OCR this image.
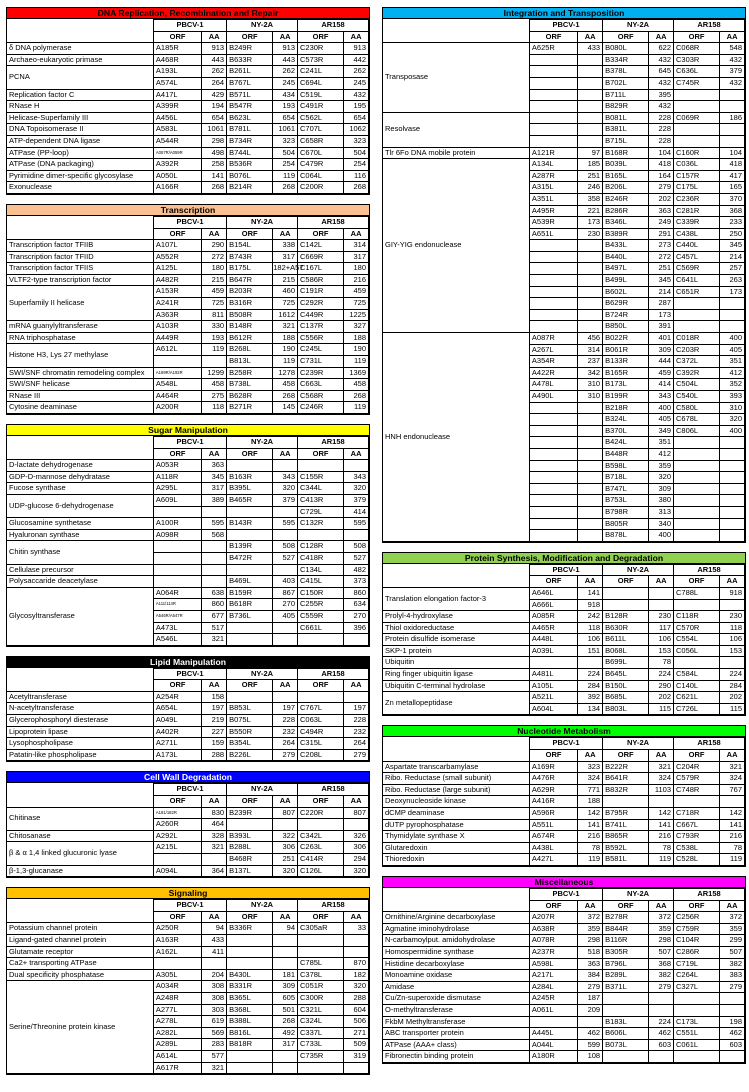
DNA Replication, Recombination and Repair
	PBCV-1		NY-2A		AR158	
	ORF	AA	ORF	AA	ORF	AA
δ DNA polymerase	A185R	913	B249R	913	C230R	913
Archaeo-eukaryotic primase	A468R	443	B633R	443	C573R	442
PCNA	A193L	262	B261L	262	C241L	262
	A574L	264	B767L	245	C694L	245
Replication factor C	A417L	429	B571L	434	C519L	432
RNase H	A399R	194	B547R	193	C491R	195
Helicase-Superfamily III	A456L	654	B623L	654	C562L	654
DNA Topoisomerase II	A583L	1061	B781L	1061	C707L	1062
ATP-dependent DNA ligase	A544R	298	B734R	323	C658R	323
ATPase (PP-loop)	A057R/A059R	498	B744L	504	C670L	504
ATPase (DNA packaging)	A392R	258	B536R	254	C479R	254
Pyrimidine dimer-specific glycosylase	A050L	141	B076L	119	C064L	116
Exonuclease	A166R	268	B214R	268	C200R	268
Transcription
	PBCV-1		NY-2A		AR158	
	ORF	AA	ORF	AA	ORF	AA
Transcription factor TFIIB	A107L	290	B154L	338	C142L	314
Transcription factor TFIID	A552R	272	B743R	317	C669R	317
Transcription factor TFIIS	A125L	180	B175L	182+A57	C167L	180
VLTF2-type transcription factor	A482R	215	B647R	215	C586R	216
Superfamily II helicase	A153R	459	B203R	460	C191R	459
	A241R	725	B316R	725	C292R	725
	A363R	811	B508R	1612	C449R	1225
mRNA guanylyltransferase	A103R	330	B148R	321	C137R	327
RNA triphosphatase	A449R	193	B612R	188	C556R	188
Histone H3, Lys 27 methylase	A612L	119	B268L	190	C245L	190
			B813L	119	C731L	119
SWI/SNF chromatin remodeling complex	A189R/A192R	1299	B258R	1278	C239R	1369
SWI/SNF helicase	A548L	458	B738L	458	C663L	458
RNase III	A464R	275	B628R	268	C568R	268
Cytosine deaminase	A200R	118	B271R	145	C246R	119
Sugar Manipulation
	PBCV-1		NY-2A		AR158	
	ORF	AA	ORF	AA	ORF	AA
D-lactate dehydrogenase	A053R	363				
GDP-D-mannose dehydratase	A118R	345	B163R	343	C155R	343
Fucose synthase	A295L	317	B395L	320	C344L	320
UDP-glucose 6-dehydrogenase	A609L	389	B465R	379	C413R	379
					C729L	414
Glucosamine synthetase	A100R	595	B143R	595	C132R	595
Hyaluronan synthase	A098R	568				
Chitin synthase			B139R	508	C128R	508
			B472R	527	C418R	527
Cellulase precursor					C134L	482
Polysaccaride deacetylase			B469L	403	C415L	373
Glycosyltransferase	A064R	638	B159R	867	C150R	860
	A111/114R	860	B618R	270	C255R	634
	A546R/A547R	677	B736L	405	C559R	270
	A473L	517			C661L	396
	A546L	321				
Lipid Manipulation
	PBCV-1		NY-2A		AR158	
	ORF	AA	ORF	AA	ORF	AA
Acetyltransferase	A254R	158				
N-acetyltransferase	A654L	197	B853L	197	C767L	197
Glycerophosphoryl diesterase	A049L	219	B075L	228	C063L	228
Lipoprotein lipase	A402R	227	B550R	232	C494R	232
Lysophospholipase	A271L	159	B354L	264	C315L	264
Patatin-like phospholipase	A173L	288	B226L	279	C208L	279
Cell Wall Degradation
	PBCV-1		NY-2A		AR158	
	ORF	AA	ORF	AA	ORF	AA
Chitinase	A181/182R	830	B239R	807	C220R	807
	A260R	464				
Chitosanase	A292L	328	B393L	322	C342L	326
β & α 1,4 linked glucuronic lyase	A215L	321	B288L	306	C263L	306
			B468R	251	C414R	294
β-1,3-glucanase	A094L	364	B137L	320	C126L	320
Signaling
	PBCV-1		NY-2A		AR158	
	ORF	AA	ORF	AA	ORF	AA
Potassium channel protein	A250R	94	B336R	94	C305aR	33
Ligand-gated channel protein	A163R	433				
Glutamate receptor	A162L	411				
Ca2+ transporting ATPase					C785L	870
Dual specificity phosphatase	A305L	204	B430L	181	C378L	182
Serine/Threonine protein kinase	A034R	308	B331R	309	C051R	320
	A248R	308	B365L	605	C300R	288
	A277L	303	B368L	501	C321L	604
	A278L	619	B388L	268	C324L	506
	A282L	569	B816L	492	C337L	271
	A289L	283	B818R	317	C733L	509
	A614L	577			C735R	319
	A617R	321				
Integration and Transposition
	PBCV-1		NY-2A		AR158	
	ORF	AA	ORF	AA	ORF	AA
Transposase	A625R	433	B080L	622	C068R	548
			B334R	432	C303R	432
			B378L	645	C636L	379
			B702L	432	C745R	432
			B711L	395		
			B829R	432		
Resolvase			B081L	228	C069R	186
			B381L	228		
			B715L	228		
Tlr 6Fo DNA mobile protein	A121R	97	B168R	104	C160R	104
GIY-YIG endonuclease	A134L	185	B039L	418	C036L	418
	A287R	251	B165L	164	C157R	417
	A315L	246	B206L	279	C175L	165
	A351L	358	B246R	202	C236R	370
	A495R	221	B286R	363	C281R	368
	A539R	173	B346L	249	C339R	233
	A651L	230	B389R	291	C438L	250
			B433L	273	C440L	345
			B440L	272	C457L	214
			B497L	251	C569R	257
			B499L	345	C641L	263
			B602L	214	C651R	173
			B629R	287		
			B724R	173		
			B850L	391		
HNH endonuclease	A087R	456	B022R	401	C018R	400
	A267L	314	B061R	309	C203R	405
	A354R	237	B133R	444	C372L	351
	A422R	342	B165R	459	C392R	412
	A478L	310	B173L	414	C504L	352
	A490L	310	B199R	343	C540L	393
			B218R	400	C580L	310
			B324L	405	C678L	320
			B370L	349	C806L	400
			B424L	351		
			B448R	412		
			B598L	359		
			B718L	320		
			B747L	309		
			B753L	380		
			B798R	313		
			B805R	340		
			B878L	400		
Protein Synthesis, Modification and Degradation
	PBCV-1		NY-2A		AR158	
	ORF	AA	ORF	AA	ORF	AA
Translation elongation factor-3	A646L	141			C788L	918
	A666L	918				
Prolyl-4-hydroxylase	A085R	242	B128R	230	C118R	230
Thiol oxidoreductase	A465R	118	B630R	117	C570R	118
Protein disulfide isomerase	A448L	106	B611L	106	C554L	106
SKP-1 protein	A039L	151	B068L	153	C056L	153
Ubiquitin			B699L	78		
Ring finger ubiquitin ligase	A481L	224	B645L	224	C584L	224
Ubiquitin C-terminal hydrolase	A105L	284	B150L	290	C140L	284
Zn metallopeptidase	A521L	392	B685L	202	C621L	202
	A604L	134	B803L	115	C726L	115
Nucleotide Metabolism
	PBCV-1		NY-2A		AR158	
	ORF	AA	ORF	AA	ORF	AA
Aspartate transcarbamylase	A169R	323	B222R	321	C204R	321
Ribo. Reductase (small subunit)	A476R	324	B641R	324	C579R	324
Ribo. Reductase (large subunit)	A629R	771	B832R	1103	C748R	767
Deoxynucleoside kinase	A416R	188				
dCMP deaminase	A596R	142	B795R	142	C718R	142
dUTP pyrophosphatase	A551L	141	B741L	141	C667L	141
Thymidylate synthase X	A674R	216	B865R	216	C793R	216
Glutaredoxin	A438L	78	B592L	78	C538L	78
Thioredoxin	A427L	119	B581L	119	C528L	119
Miscellaneous
	PBCV-1		NY-2A		AR158	
	ORF	AA	ORF	AA	ORF	AA
Ornithine/Arginine decarboxylase	A207R	372	B278R	372	C256R	372
Agmatine iminohydrolase	A638R	359	B844R	359	C759R	359
N-carbamoylput. amidohydrolase	A078R	298	B116R	298	C104R	299
Homospermidine synthase	A237R	518	B305R	507	C286R	507
Histidine decarboxylase	A598L	363	B796L	368	C719L	382
Monoamine oxidase	A217L	384	B289L	382	C264L	383
Amidase	A284L	279	B371L	279	C327L	279
Cu/Zn-superoxide dismutase	A245R	187				
O-methyltransferase	A061L	209				
FkbM Methyltransferase			B183L	224	C173L	198
ABC transporter protein	A445L	462	B606L	462	C551L	462
ATPase (AAA+ class)	A044L	599	B073L	603	C061L	603
Fibronectin binding protein	A180R	108				
